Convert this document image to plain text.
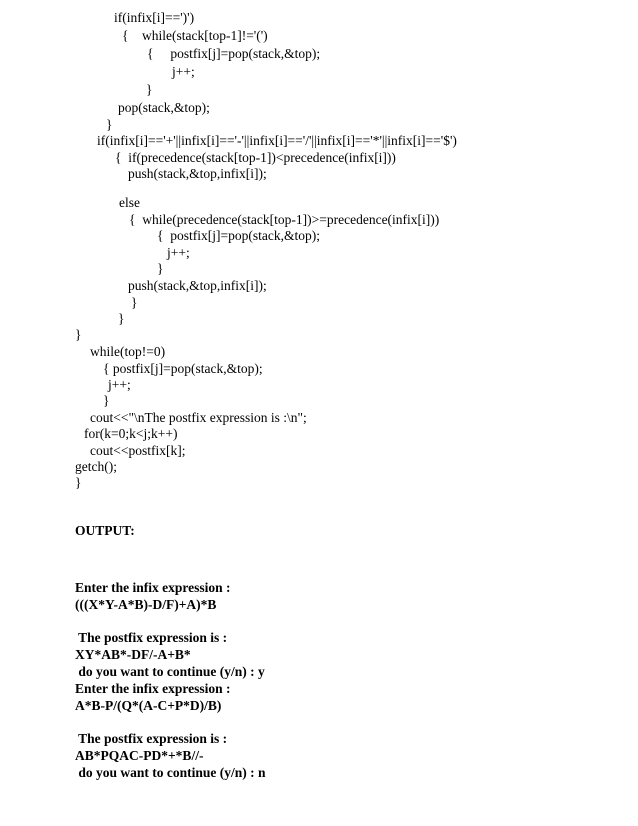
if(infix[i]==')')
{    while(stack[top-1]!='(')
{     postfix[j]=pop(stack,&top);
j++;
}
pop(stack,&top);
}
if(infix[i]=='+'||infix[i]=='-'||infix[i]=='/'||infix[i]=='*'||infix[i]=='$')
{  if(precedence(stack[top-1])<precedence(infix[i]))
push(stack,&top,infix[i]);
else
{  while(precedence(stack[top-1])>=precedence(infix[i]))
{  postfix[j]=pop(stack,&top);
j++;
}
push(stack,&top,infix[i]);
}
}
}
while(top!=0)
{ postfix[j]=pop(stack,&top);
j++;
}
cout<<"\nThe postfix expression is :\n";
for(k=0;k<j;k++)
cout<<postfix[k];
getch();
}
OUTPUT:
Enter the infix expression :
(((X*Y-A*B)-D/F)+A)*B
The postfix expression is :
XY*AB*-DF/-A+B*
do you want to continue (y/n) : y
Enter the infix expression :
A*B-P/(Q*(A-C+P*D)/B)
The postfix expression is :
AB*PQAC-PD*+*B//-
do you want to continue (y/n) : n
